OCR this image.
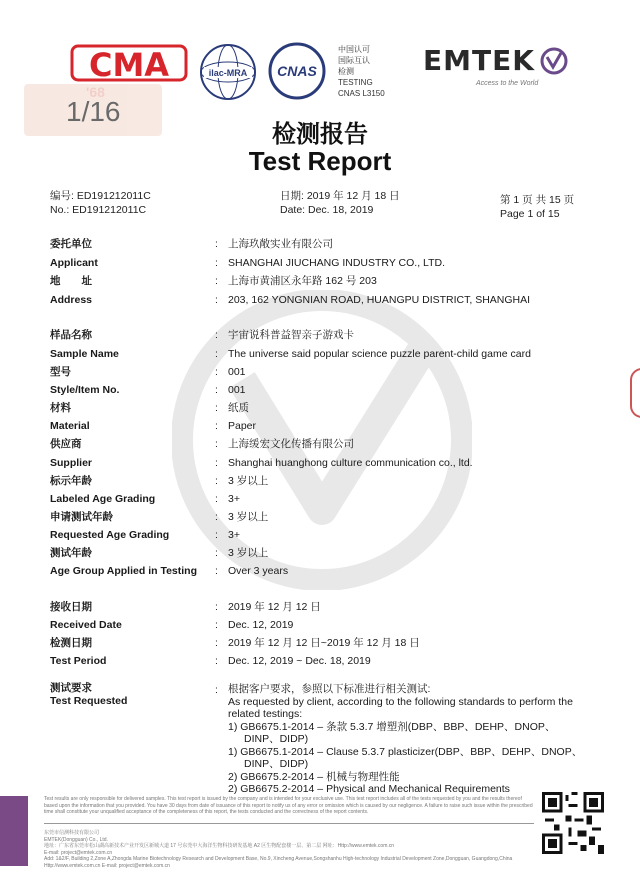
CMA	ilac-MRA CNAS
中国认可
国际互认
检测
TESTING
CNAS L3150
EMTEK
Access to the World
1/16
检测报告
Test Report
编号: ED191212011C
No.: ED191212011C
日期: 2019 年 12 月 18 日
Date: Dec. 18, 2019
第 1 页 共 15 页
Page 1 of 15
委托单位	: 上海玖敞实业有限公司
Applicant	: SHANGHAI JIUCHANG INDUSTRY CO., LTD.
地　　址	: 上海市黄浦区永年路 162 号 203
Address	: 203, 162 YONGNIAN ROAD, HUANGPU DISTRICT, SHANGHAI
样品名称	: 宇宙说科普益智亲子游戏卡
Sample Name	: The universe said popular science puzzle parent-child game card
型号	: 001
Style/Item No.	: 001
材料	: 纸质
Material	: Paper
供应商	: 上海缓宏文化传播有限公司
Supplier	: Shanghai huanghong culture communication co., ltd.
标示年龄	: 3 岁以上
Labeled Age Grading	: 3+
申请测试年龄	: 3 岁以上
Requested Age Grading	: 3+
测试年龄	: 3 岁以上
Age Group Applied in Testing : Over 3 years
接收日期	: 2019 年 12 月 12 日
Received Date	: Dec. 12, 2019
检测日期	: 2019 年 12 月 12 日~2019 年 12 月 18 日
Test Period	: Dec. 12, 2019 ~ Dec. 18, 2019
测试要求
Test Requested
: 根据客户要求，参照以下标准进行相关测试:

As requested by client, according to the following standards to perform the related testings:

1) GB6675.1-2014 – 条款 5.3.7 增塑剂(DBP、BBP、DEHP、DNOP、DINP、DIDP)

1) GB6675.1-2014 – Clause 5.3.7 plasticizer(DBP、BBP、DEHP、DNOP、DINP、DIDP)

2) GB6675.2-2014 – 机械与物理性能

2) GB6675.2-2014 – Physical and Mechanical Requirements

Test results are only responsible for delivered samples. This test report is issued by the company and is intended for your exclusive use. This test report includes all of the tests requested by you and the results thereof based upon the information that you provided. You have 30 days from date of issuance of this report to notify us of any error or omission which is caused by our negligence. A failure to raise such issue within the prescribed time shall constitute your unqualified acceptance of the completeness of this report, the tests conducted and the correctness of the report contents.
东莞市信测科技有限公司
EMTEK(Dongguan) Co., Ltd.
地址：广东省东莞市松山湖高新技术产业开发区新城大道 17 号东莞中大海洋生物科技研发基地 A2 区生物配套楼一层、第二层 网址：Http://www.emtek.com.cn
E-mail: project@emtek.com.cn
Add: 1&2/F, Building 2,Zone A,Zhongda Marine Biotechnology Research and Development Base, No.9, Xincheng Avenue,Songshanhu High-technology Industrial Development Zone,Dongguan, Guangdong,China Http://www.emtek.com.cn E-mail: project@emtek.com.cn
